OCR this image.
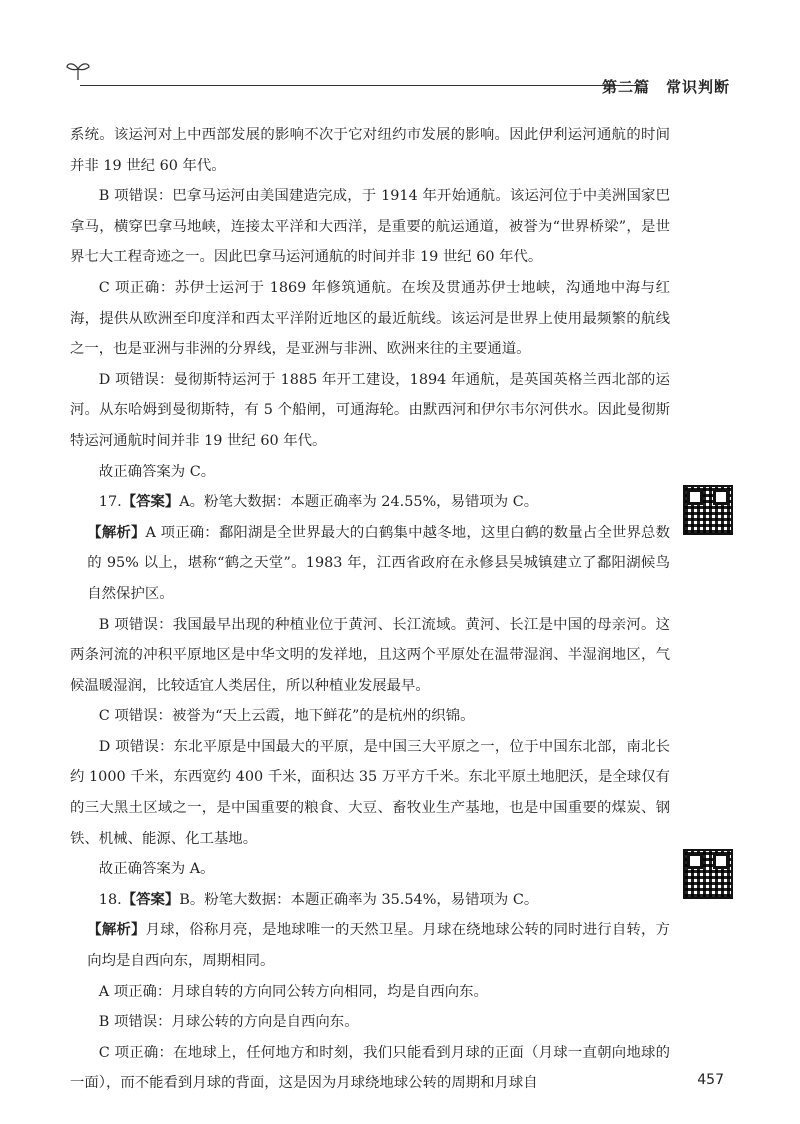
第二篇　常识判断

系统。该运河对上中西部发展的影响不次于它对纽约市发展的影响。因此伊利运河通航的时间并非 19 世纪 60 年代。

B 项错误：巴拿马运河由美国建造完成，于 1914 年开始通航。该运河位于中美洲国家巴拿马，横穿巴拿马地峡，连接太平洋和大西洋，是重要的航运通道，被誉为“世界桥梁”，是世界七大工程奇迹之一。因此巴拿马运河通航的时间并非 19 世纪 60 年代。

C 项正确：苏伊士运河于 1869 年修筑通航。在埃及贯通苏伊士地峡，沟通地中海与红海，提供从欧洲至印度洋和西太平洋附近地区的最近航线。该运河是世界上使用最频繁的航线之一，也是亚洲与非洲的分界线，是亚洲与非洲、欧洲来往的主要通道。

D 项错误：曼彻斯特运河于 1885 年开工建设，1894 年通航，是英国英格兰西北部的运河。从东哈姆到曼彻斯特，有 5 个船闸，可通海轮。由默西河和伊尔韦尔河供水。因此曼彻斯特运河通航时间并非 19 世纪 60 年代。

故正确答案为 C。

17.【答案】A。粉笔大数据：本题正确率为 24.55%，易错项为 C。

【解析】A 项正确：鄱阳湖是全世界最大的白鹤集中越冬地，这里白鹤的数量占全世界总数的 95% 以上，堪称“鹤之天堂”。1983 年，江西省政府在永修县吴城镇建立了鄱阳湖候鸟自然保护区。

B 项错误：我国最早出现的种植业位于黄河、长江流域。黄河、长江是中国的母亲河。这两条河流的冲积平原地区是中华文明的发祥地，且这两个平原处在温带湿润、半湿润地区，气候温暖湿润，比较适宜人类居住，所以种植业发展最早。

C 项错误：被誉为“天上云霞，地下鲜花”的是杭州的织锦。

D 项错误：东北平原是中国最大的平原，是中国三大平原之一，位于中国东北部，南北长约 1000 千米，东西宽约 400 千米，面积达 35 万平方千米。东北平原土地肥沃，是全球仅有的三大黑土区域之一，是中国重要的粮食、大豆、畜牧业生产基地，也是中国重要的煤炭、钢铁、机械、能源、化工基地。

故正确答案为 A。

18.【答案】B。粉笔大数据：本题正确率为 35.54%，易错项为 C。

【解析】月球，俗称月亮，是地球唯一的天然卫星。月球在绕地球公转的同时进行自转，方向均是自西向东，周期相同。

A 项正确：月球自转的方向同公转方向相同，均是自西向东。

B 项错误：月球公转的方向是自西向东。

C 项正确：在地球上，任何地方和时刻，我们只能看到月球的正面（月球一直朝向地球的一面），而不能看到月球的背面，这是因为月球绕地球公转的周期和月球自	457
